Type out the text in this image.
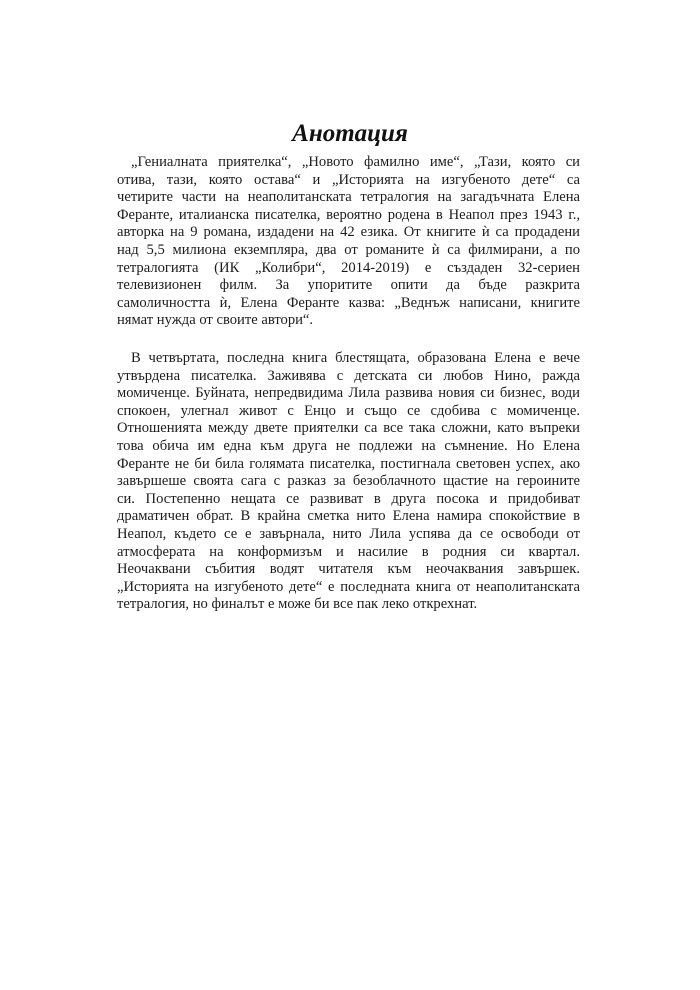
Анотация
„Гениалната приятелка“, „Новото фамилно име“, „Тази, която си
отива, тази, която остава“ и „Историята на изгубеното дете“ са
четирите части на неаполитанската тетралогия на загадъчната Елена
Феранте, италианска писателка, вероятно родена в Неапол през 1943 г.,
авторка на 9 романа, издадени на 42 езика. От книгите ѝ са продадени
над 5,5 милиона екземпляра, два от романите ѝ са филмирани, а по
тетралогията (ИК „Колибри“, 2014-2019) е създаден 32-сериен
телевизионен филм. За упоритите опити да бъде разкрита
самоличността ѝ, Елена Феранте казва: „Веднъж написани, книгите
нямат нужда от своите автори“.
В четвъртата, последна книга блестящата, образована Елена е вече
утвърдена писателка. Заживява с детската си любов Нино, ражда
момиченце. Буйната, непредвидима Лила развива новия си бизнес, води
спокоен, улегнал живот с Енцо и също се сдобива с момиченце.
Отношенията между двете приятелки са все така сложни, като въпреки
това обича им една към друга не подлежи на съмнение. Но Елена
Феранте не би била голямата писателка, постигнала световен успех, ако
завършеше своята сага с разказ за безоблачното щастие на героините
си. Постепенно нещата се развиват в друга посока и придобиват
драматичен обрат. В крайна сметка нито Елена намира спокойствие в
Неапол, където се е завърнала, нито Лила успява да се освободи от
атмосферата на конформизъм и насилие в родния си квартал.
Неочаквани събития водят читателя към неочаквания завършек.
„Историята на изгубеното дете“ е последната книга от неаполитанската
тетралогия, но финалът е може би все пак леко открехнат.
